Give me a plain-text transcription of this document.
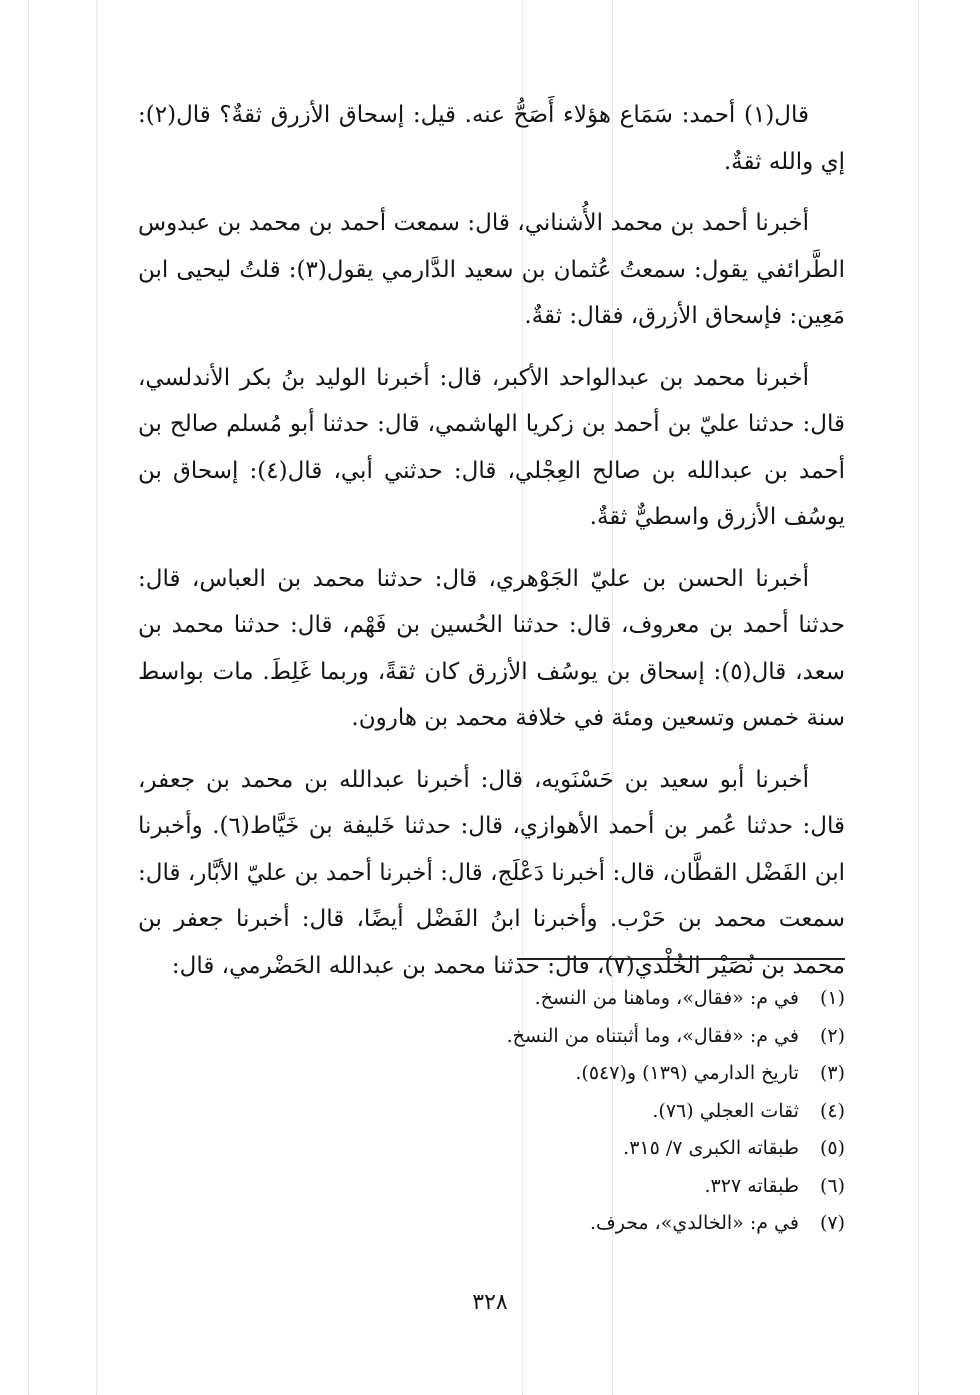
قال(١) أحمد: سَمَاع هؤلاء أَصَحُّ عنه. قيل: إسحاق الأزرق ثقةٌ؟ قال(٢): إي والله ثقةٌ.

أخبرنا أحمد بن محمد الأُشناني، قال: سمعت أحمد بن محمد بن عبدوس الطَّرائفي يقول: سمعتُ عُثمان بن سعيد الدَّارمي يقول(٣): قلتُ ليحيى ابن مَعِين: فإسحاق الأزرق، فقال: ثقةٌ.

أخبرنا محمد بن عبدالواحد الأكبر، قال: أخبرنا الوليد بنُ بكر الأندلسي، قال: حدثنا عليّ بن أحمد بن زكريا الهاشمي، قال: حدثنا أبو مُسلم صالح بن أحمد بن عبدالله بن صالح العِجْلي، قال: حدثني أبي، قال(٤): إسحاق بن يوسُف الأزرق واسطيٌّ ثقةٌ.

أخبرنا الحسن بن عليّ الجَوْهري، قال: حدثنا محمد بن العباس، قال: حدثنا أحمد بن معروف، قال: حدثنا الحُسين بن فَهْم، قال: حدثنا محمد بن سعد، قال(٥): إسحاق بن يوسُف الأزرق كان ثقةً، وربما غَلِطَ. مات بواسط سنة خمس وتسعين ومئة في خلافة محمد بن هارون.

أخبرنا أبو سعيد بن حَسْنَويه، قال: أخبرنا عبدالله بن محمد بن جعفر، قال: حدثنا عُمر بن أحمد الأهوازي، قال: حدثنا خَليفة بن خَيَّاط(٦). وأخبرنا ابن الفَضْل القطَّان، قال: أخبرنا دَعْلَج، قال: أخبرنا أحمد بن عليّ الأبَّار، قال: سمعت محمد بن حَرْب. وأخبرنا ابنُ الفَضْل أيضًا، قال: أخبرنا جعفر بن محمد بن نُصَيْر الخُلْدي(٧)، قال: حدثنا محمد بن عبدالله الحَضْرمي، قال:

(١) في م: «فقال»، وماهنا من النسخ.
(٢) في م: «فقال»، وما أثبتناه من النسخ.
(٣) تاريخ الدارمي (١٣٩) و(٥٤٧).
(٤) ثقات العجلي (٧٦).
(٥) طبقاته الكبرى ٧/ ٣١٥.
(٦) طبقاته ٣٢٧.
(٧) في م: «الخالدي»، محرف.
٣٢٨
